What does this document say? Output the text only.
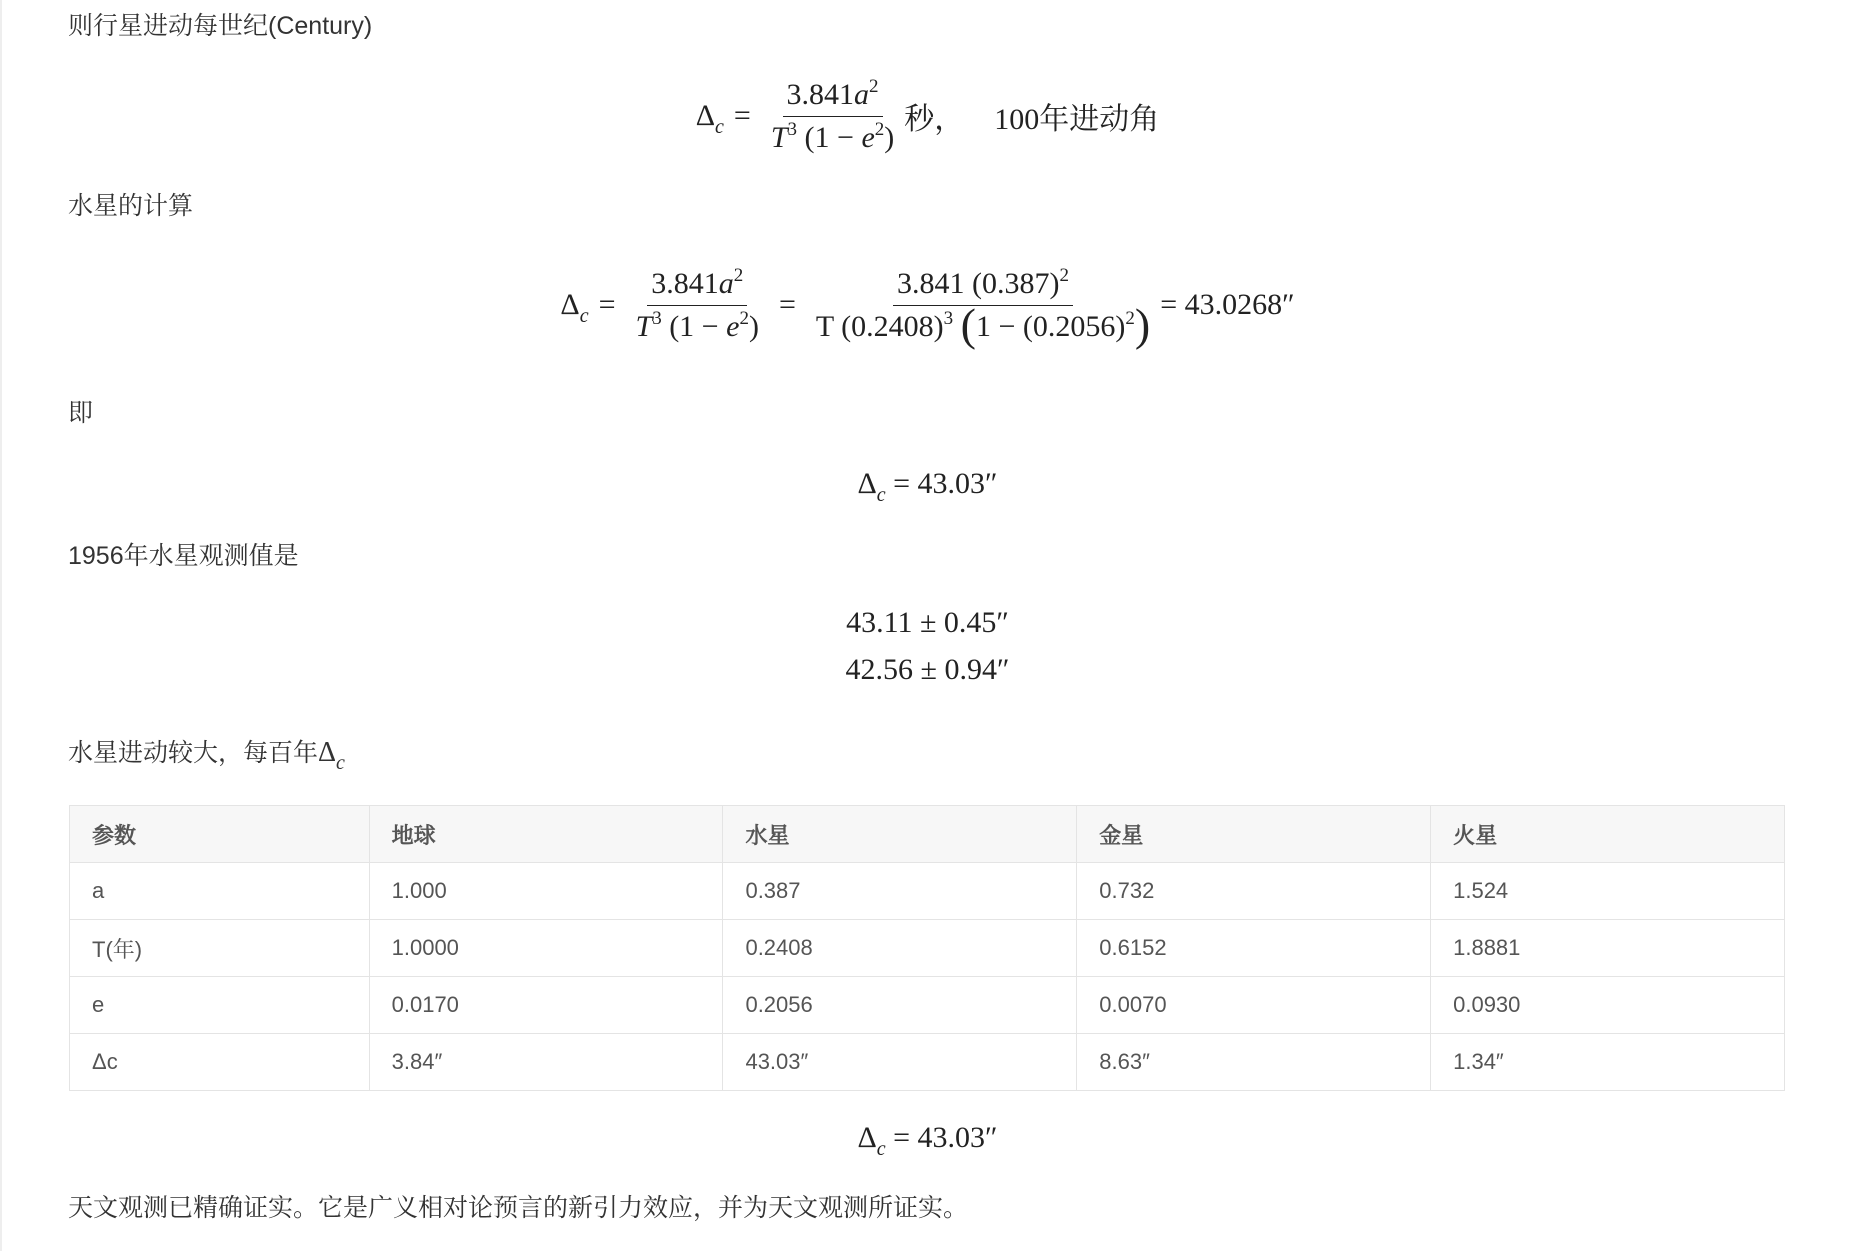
则行星进动每世纪(Century)
$\Delta_c = \frac{3.841a^2}{T^3 (1 - e^2)}$ 秒， 100年进动角
水星的计算
$\Delta_c = \frac{3.841a^2}{T^3 (1 - e^2)} = \frac{3.841 (0.387)^2}{T (0.2408)^3 (1 - (0.2056)^2)} = 43.0268''$
即
$\Delta_c$
= 43.03″
1956年水星观测值是
43.11 ± 0.45″
42.56 ± 0.94″
水星进动较大，每百年$\Delta_c$
参数	地球	水星	金星	火星
a	1.000	0.387	0.732	1.524
T(年)	1.0000	0.2408	0.6152	1.8881
e	0.0170	0.2056	0.0070	0.0930
Δc	3.84″	43.03″	8.63″	1.34″
$\Delta_c$
= 43.03″
天文观测已精确证实。它是广义相对论预言的新引力效应，并为天文观测所证实。
